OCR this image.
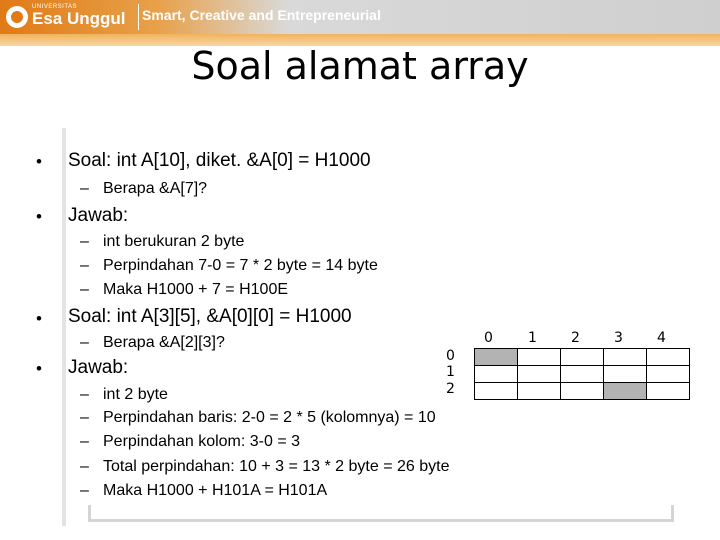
UNIVERSITAS
Esa Unggul Smart, Creative and Entrepreneurial
Soal alamat array
• Soal: int A[10], diket. &A[0] = H1000
– Berapa &A[7]?
• Jawab:
– int berukuran 2 byte
– Perpindahan 7-0 = 7 * 2 byte = 14 byte
– Maka H1000 + 7 = H100E
• Soal: int A[3][5], &A[0][0] = H1000
– Berapa &A[2][3]?
• Jawab:
– int 2 byte
– Perpindahan baris: 2-0 = 2 * 5 (kolomnya) = 10
– Perpindahan kolom: 3-0 = 3
– Total perpindahan: 10 + 3 = 13 * 2 byte = 26 byte
– Maka H1000 + H101A = H101A
0	1 2 3 4
0
1
2
